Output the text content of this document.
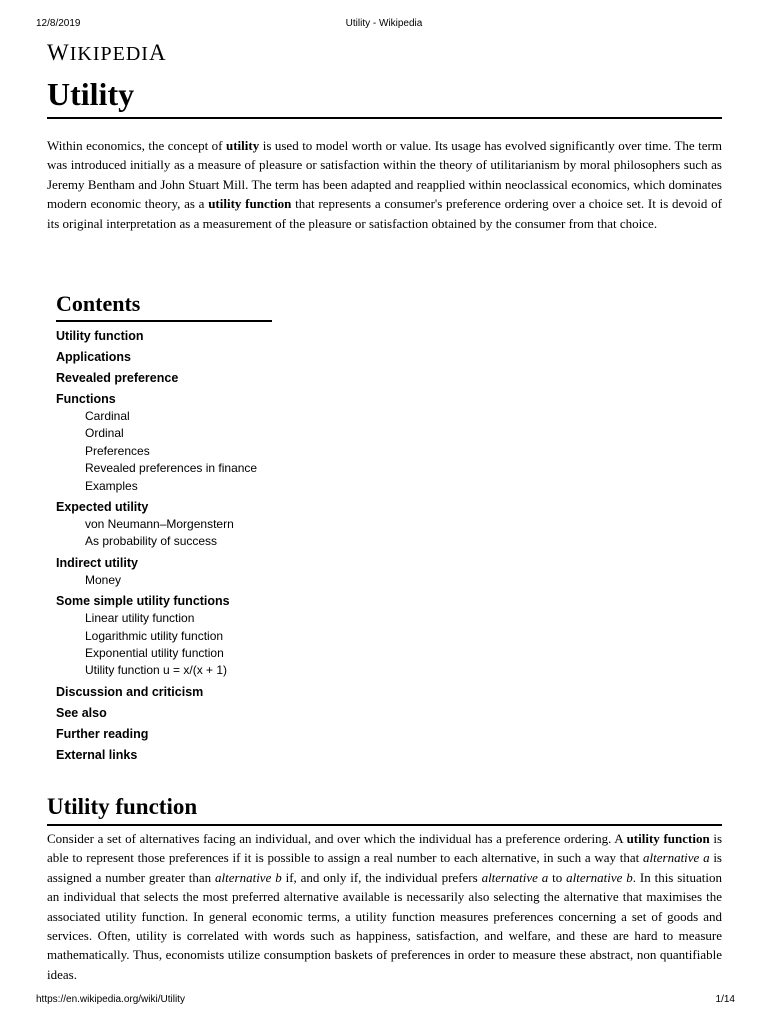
12/8/2019	Utility - Wikipedia
WIKIPEDIA
Utility

Within economics, the concept of utility is used to model worth or value. Its usage has evolved significantly over time. The term was introduced initially as a measure of pleasure or satisfaction within the theory of utilitarianism by moral philosophers such as Jeremy Bentham and John Stuart Mill. The term has been adapted and reapplied within neoclassical economics, which dominates modern economic theory, as a utility function that represents a consumer's preference ordering over a choice set. It is devoid of its original interpretation as a measurement of the pleasure or satisfaction obtained by the consumer from that choice.

Contents
Utility function
Applications
Revealed preference
Functions
Cardinal
Ordinal
Preferences
Revealed preferences in finance
Examples
Expected utility
von Neumann–Morgenstern
As probability of success
Indirect utility
Money
Some simple utility functions
Linear utility function
Logarithmic utility function
Exponential utility function
Utility function u = x/(x + 1)
Discussion and criticism
See also
Further reading
External links
Utility function

Consider a set of alternatives facing an individual, and over which the individual has a preference ordering. A utility function is able to represent those preferences if it is possible to assign a real number to each alternative, in such a way that alternative a is assigned a number greater than alternative b if, and only if, the individual prefers alternative a to alternative b. In this situation an individual that selects the most preferred alternative available is necessarily also selecting the alternative that maximises the associated utility function. In general economic terms, a utility function measures preferences concerning a set of goods and services. Often, utility is correlated with words such as happiness, satisfaction, and welfare, and these are hard to measure mathematically. Thus, economists utilize consumption baskets of preferences in order to measure these abstract, non quantifiable ideas.

https://en.wikipedia.org/wiki/Utility	1/14
